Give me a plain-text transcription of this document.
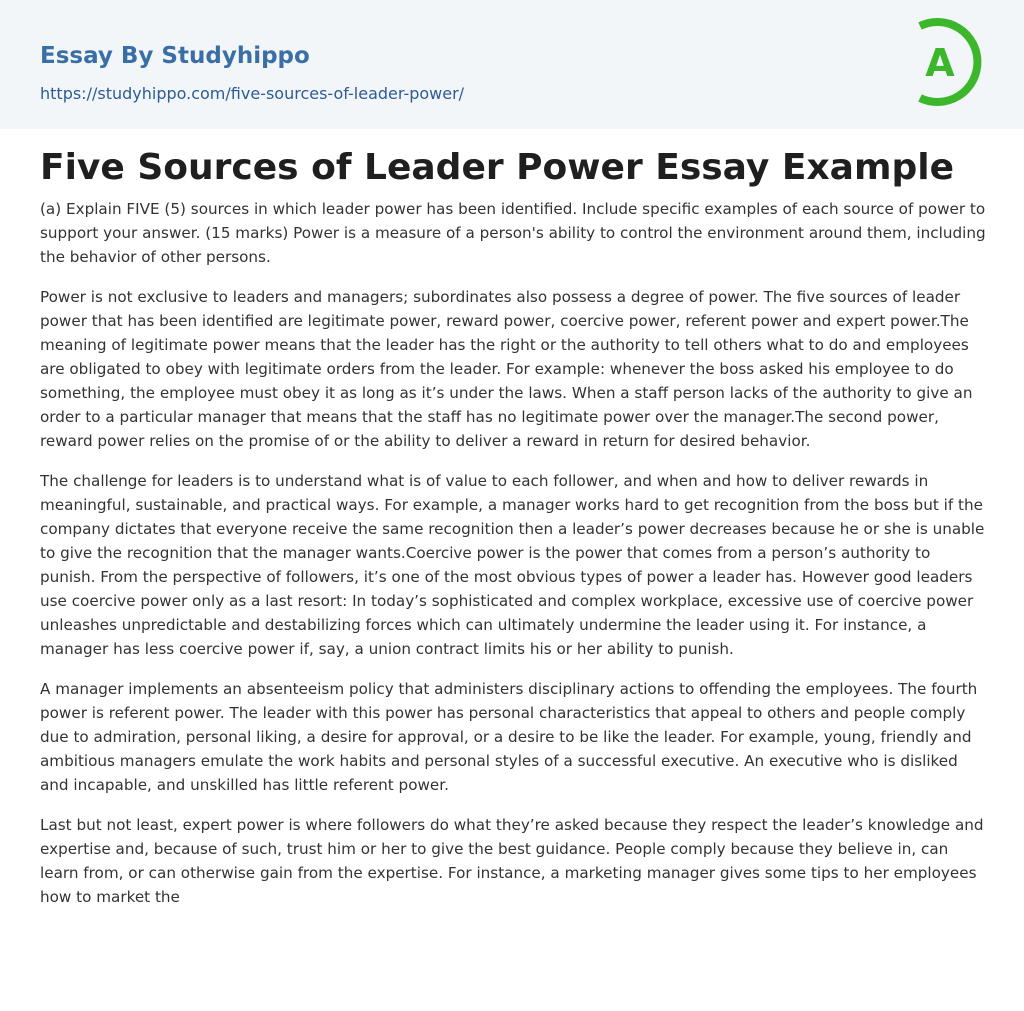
Essay By Studyhippo
https://studyhippo.com/five-sources-of-leader-power/
A
Five Sources of Leader Power Essay Example

(a) Explain FIVE (5) sources in which leader power has been identified. Include specific examples of each source of power to support your answer. (15 marks) Power is a measure of a person's ability to control the environment around them, including the behavior of other persons.

Power is not exclusive to leaders and managers; subordinates also possess a degree of power. The five sources of leader power that has been identified are legitimate power, reward power, coercive power, referent power and expert power.The meaning of legitimate power means that the leader has the right or the authority to tell others what to do and employees are obligated to obey with legitimate orders from the leader. For example: whenever the boss asked his employee to do something, the employee must obey it as long as it’s under the laws. When a staff person lacks of the authority to give an order to a particular manager that means that the staff has no legitimate power over the manager.The second power, reward power relies on the promise of or the ability to deliver a reward in return for desired behavior.

The challenge for leaders is to understand what is of value to each follower, and when and how to deliver rewards in meaningful, sustainable, and practical ways. For example, a manager works hard to get recognition from the boss but if the company dictates that everyone receive the same recognition then a leader’s power decreases because he or she is unable to give the recognition that the manager wants.Coercive power is the power that comes from a person’s authority to punish. From the perspective of followers, it’s one of the most obvious types of power a leader has. However good leaders use coercive power only as a last resort: In today’s sophisticated and complex workplace, excessive use of coercive power unleashes unpredictable and destabilizing forces which can ultimately undermine the leader using it. For instance, a manager has less coercive power if, say, a union contract limits his or her ability to punish.

A manager implements an absenteeism policy that administers disciplinary actions to offending the employees. The fourth power is referent power. The leader with this power has personal characteristics that appeal to others and people comply due to admiration, personal liking, a desire for approval, or a desire to be like the leader. For example, young, friendly and ambitious managers emulate the work habits and personal styles of a successful executive. An executive who is disliked and incapable, and unskilled has little referent power.

Last but not least, expert power is where followers do what they’re asked because they respect the leader’s knowledge and expertise and, because of such, trust him or her to give the best guidance. People comply because they believe in, can learn from, or can otherwise gain from the expertise. For instance, a marketing manager gives some tips to her employees how to market the
